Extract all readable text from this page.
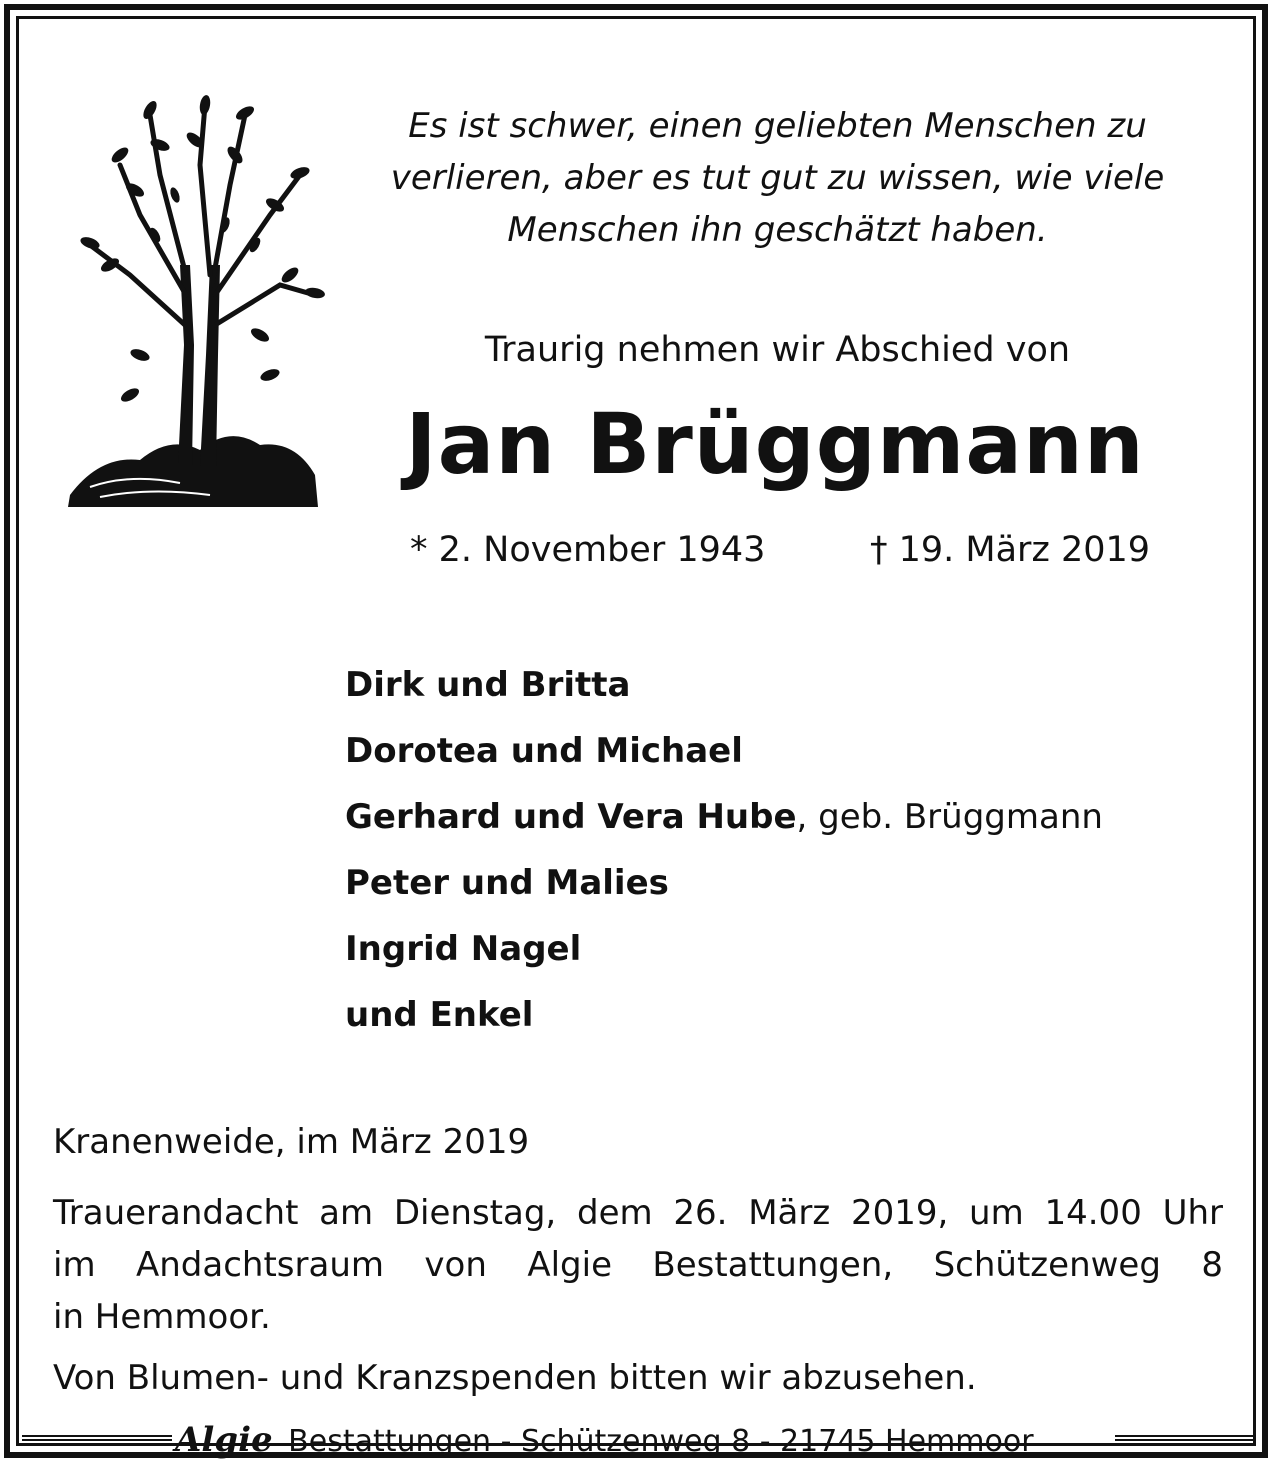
Es ist schwer, einen geliebten Menschen zu
verlieren, aber es tut gut zu wissen, wie viele
Menschen ihn geschätzt haben.
Traurig nehmen wir Abschied von
Jan Brüggmann
* 2. November 1943	† 19. März 2019
Dirk und Britta
Dorotea und Michael
Gerhard und Vera Hube, geb. Brüggmann
Peter und Malies
Ingrid Nagel
und Enkel
Kranenweide, im März 2019
Trauerandacht am Dienstag, dem 26. März 2019, um 14.00 Uhr
im Andachtsraum von Algie Bestattungen, Schützenweg 8
in Hemmoor.
Von Blumen- und Kranzspenden bitten wir abzusehen.
Algie Bestattungen - Schützenweg 8 - 21745 Hemmoor
